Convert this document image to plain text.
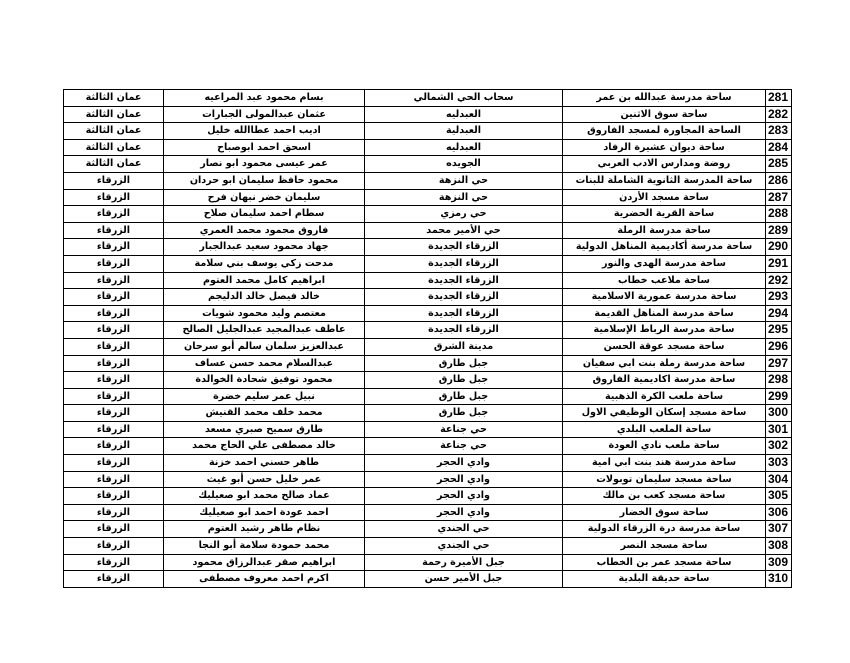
281	ساحة مدرسة عبدالله بن عمر	سحاب الحي الشمالي	بسام محمود عبد المراعيه	عمان الثالثة
282	ساحة سوق الاثنين	العبدليه	عثمان عبدالمولى الجبارات	عمان الثالثة
283	الساحة المجاورة لمسجد الفاروق	العبدلية	اديب احمد عطاالله خليل	عمان الثالثة
284	ساحة ديوان عشيرة الرفاد	العبدليه	اسحق احمد ابوصباح	عمان الثالثة
285	روضة ومدارس الادب العربي	الجويده	عمر عيسى محمود ابو نصار	عمان الثالثة
286	ساحة المدرسة الثانوية الشاملة للبنات	حي النزهة	محمود حافظ سليمان ابو حردان	الزرقاء
287	ساحة مسجد الأردن	حي النزهة	سليمان خضر نبهان فرح	الزرقاء
288	ساحة القرية الحضرية	حي رمزي	سطام احمد سليمان صلاح	الزرقاء
289	ساحة مدرسة الرملة	حي الأمير محمد	فاروق محمود محمد العمري	الزرقاء
290	ساحة مدرسة أكاديمية المناهل الدولية	الزرقاء الجديدة	جهاد محمود سعيد عبدالجبار	الزرقاء
291	ساحة مدرسة الهدى والنور	الزرقاء الجديدة	مدحت زكي يوسف بني سلامة	الزرقاء
292	ساحة ملاعب خطاب	الزرقاء الجديدة	ابراهيم كامل محمد العتوم	الزرقاء
293	ساحة مدرسة عمورية الاسلامية	الزرقاء الجديدة	خالد فيصل خالد الدليجم	الزرقاء
294	ساحة مدرسة المناهل القديمة	الزرقاء الجديدة	معتصم وليد محمود شويات	الزرقاء
295	ساحة مدرسة الرباط الإسلامية	الزرقاء الجديدة	عاطف عبدالمجيد عبدالجليل الصالح	الزرقاء
296	ساحة مسجد عوقة الحسن	مدينة الشرق	عبدالعزيز سلمان سالم أبو سرحان	الزرقاء
297	ساحة مدرسة رملة بنت ابي سفيان	جبل طارق	عبدالسلام محمد حسن عساف	الزرقاء
298	ساحة مدرسة اكاديمية الفاروق	جبل طارق	محمود توفيق شحادة الخوالدة	الزرقاء
299	ساحة ملعب الكرة الذهبية	جبل طارق	نبيل عمر سليم خضرة	الزرقاء
300	ساحة مسجد إسكان الوظيفي الاول	جبل طارق	محمد خلف محمد القنيش	الزرقاء
301	ساحة الملعب البلدي	حي جناعة	طارق سميح صبري مسعد	الزرقاء
302	ساحة ملعب نادي العودة	حي جناعة	خالد مصطفى علي الحاج محمد	الزرقاء
303	ساحة مدرسة هند بنت ابي امية	وادي الحجر	طاهر حسني احمد خزنة	الزرقاء
304	ساحة مسجد سليمان توبولات	وادي الحجر	عمر خليل حسن أبو غيث	الزرقاء
305	ساحة مسجد كعب بن مالك	وادي الحجر	عماد صالح محمد ابو صعيليك	الزرقاء
306	ساحة سوق الخضار	وادي الحجر	احمد عودة احمد ابو صعيليك	الزرقاء
307	ساحة مدرسة درة الزرقاء الدولية	حي الجندي	نظام طاهر رشيد العتوم	الزرقاء
308	ساحة مسجد النصر	حي الجندي	محمد حمودة سلامة أبو النجا	الزرقاء
309	ساحة مسجد عمر بن الخطاب	جبل الأميرة رحمة	ابراهيم صقر عبدالرزاق محمود	الزرقاء
310	ساحة حديقة البلدية	جبل الأمير حسن	اكرم احمد معروف مصطفى	الزرقاء
